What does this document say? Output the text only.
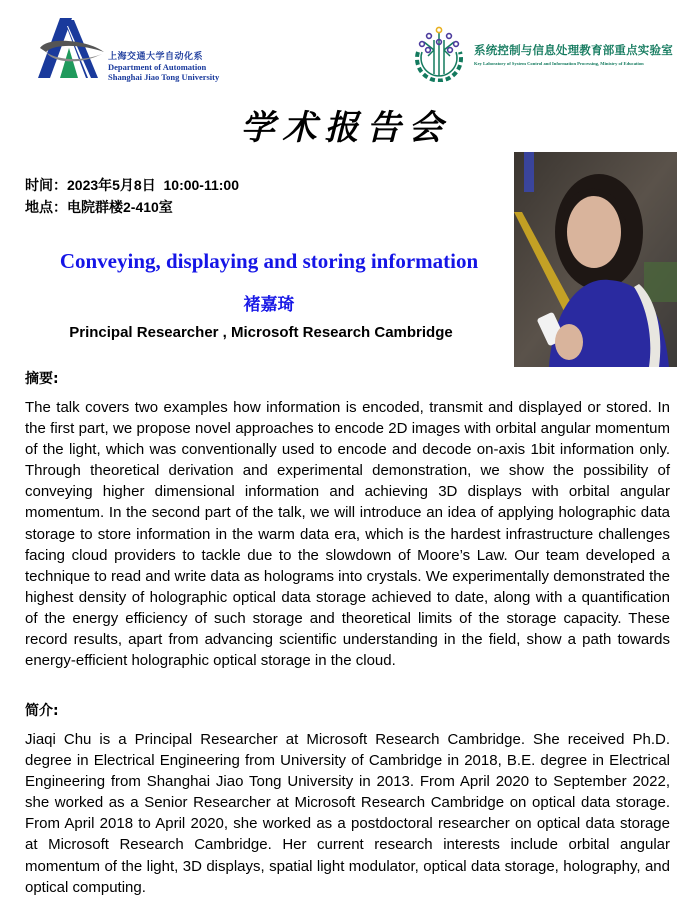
上海交通大学自动化系
Department of Automation
Shanghai Jiao Tong University
系统控制与信息处理教育部重点实验室
Key Laboratory of System Control and Information Processing, Ministry of Education
学术报告会
时间：2023年5月8日  10:00-11:00
地点：电院群楼2-410室
Conveying, displaying and storing information
褚嘉琦
Principal Researcher , Microsoft Research Cambridge
摘要:
The talk covers two examples how information is encoded, transmit and displayed or stored. In the first part, we propose novel approaches to encode 2D images with orbital angular momentum of the light, which was conventionally used to encode and decode on-axis 1bit information only. Through theoretical derivation and experimental demonstration, we show the possibility of conveying higher dimensional information and achieving 3D displays with orbital angular momentum. In the second part of the talk, we will introduce an idea of applying holographic data storage to store information in the warm data era, which is the hardest infrastructure challenges facing cloud providers to tackle due to the slowdown of Moore’s Law. Our team developed a technique to read and write data as holograms into crystals. We experimentally demonstrated the highest density of holographic optical data storage achieved to date, along with a quantification of the energy efficiency of such storage and theoretical limits of the storage capacity. These record results, apart from advancing scientific understanding in the field, show a path towards energy-efficient holographic optical storage in the cloud.
简介:
Jiaqi Chu is a Principal Researcher at Microsoft Research Cambridge. She received Ph.D. degree in Electrical Engineering from University of Cambridge in 2018, B.E. degree in Electrical Engineering from Shanghai Jiao Tong University in 2013. From April 2020 to September 2022, she worked as a Senior Researcher at Microsoft Research Cambridge on optical data storage. From April 2018 to April 2020, she worked as a postdoctoral researcher on optical data storage at Microsoft Research Cambridge. Her current research interests include orbital angular momentum of the light, 3D displays, spatial light modulator, optical data storage, holography, and optical computing.
